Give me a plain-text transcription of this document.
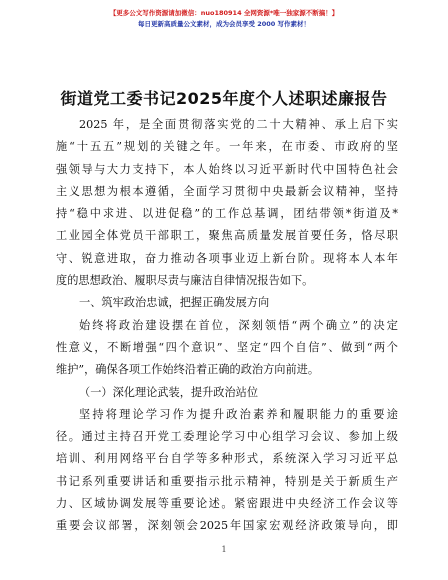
【更多公文写作资源请加微信：nuo180914 全网资源*唯一独家源不断搞！】
每日更新高质量公文素材，成为会员享受 2000 写作素材！
街道党工委书记2025年度个人述职述廉报告
2025 年，是全面贯彻落实党的二十大精神、承上启下实
施“十五五”规划的关键之年。一年来，在市委、市政府的坚
强领导与大力支持下，本人始终以习近平新时代中国特色社会
主义思想为根本遵循，全面学习贯彻中央最新会议精神，坚持
持“稳中求进、以进促稳”的工作总基调，团结带领*街道及*
工业园全体党员干部职工，聚焦高质量发展首要任务，恪尽职
守、锐意进取，奋力推动各项事业迈上新台阶。现将本人本年
度的思想政治、履职尽责与廉洁自律情况报告如下。
一、筑牢政治忠诚，把握正确发展方向
始终将政治建设摆在首位，深刻领悟“两个确立”的决定
性意义，不断增强“四个意识”、坚定“四个自信”、做到“两个
维护”，确保各项工作始终沿着正确的政治方向前进。
（一）深化理论武装，提升政治站位
坚持将理论学习作为提升政治素养和履职能力的重要途
径。通过主持召开党工委理论学习中心组学习会议、参加上级
培训、利用网络平台自学等多种形式，系统深入学习习近平总
书记系列重要讲话和重要指示批示精神，特别是关于新质生产
力、区域协调发展等重要论述。紧密跟进中央经济工作会议等
重要会议部署，深刻领会2025年国家宏观经济政策导向，即
1
